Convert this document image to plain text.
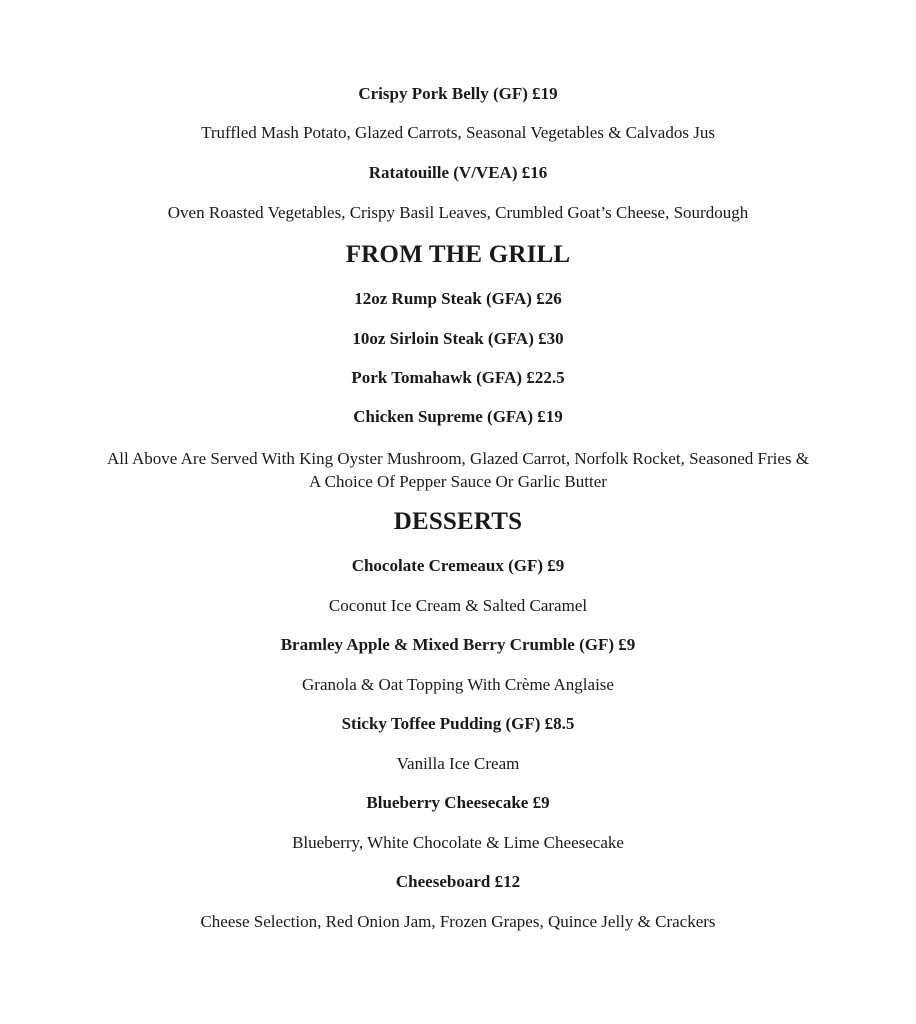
Crispy Pork Belly (GF) £19
Truffled Mash Potato, Glazed Carrots, Seasonal Vegetables & Calvados Jus
Ratatouille (V/VEA) £16
Oven Roasted Vegetables, Crispy Basil Leaves, Crumbled Goat’s Cheese, Sourdough
FROM THE GRILL
12oz Rump Steak (GFA) £26
10oz Sirloin Steak (GFA) £30
Pork Tomahawk (GFA) £22.5
Chicken Supreme (GFA) £19
All Above Are Served With King Oyster Mushroom, Glazed Carrot, Norfolk Rocket, Seasoned Fries & A Choice Of Pepper Sauce Or Garlic Butter
DESSERTS
Chocolate Cremeaux (GF) £9
Coconut Ice Cream & Salted Caramel
Bramley Apple & Mixed Berry Crumble (GF) £9
Granola & Oat Topping With Crème Anglaise
Sticky Toffee Pudding (GF) £8.5
Vanilla Ice Cream
Blueberry Cheesecake £9
Blueberry, White Chocolate & Lime Cheesecake
Cheeseboard £12
Cheese Selection, Red Onion Jam, Frozen Grapes, Quince Jelly & Crackers
